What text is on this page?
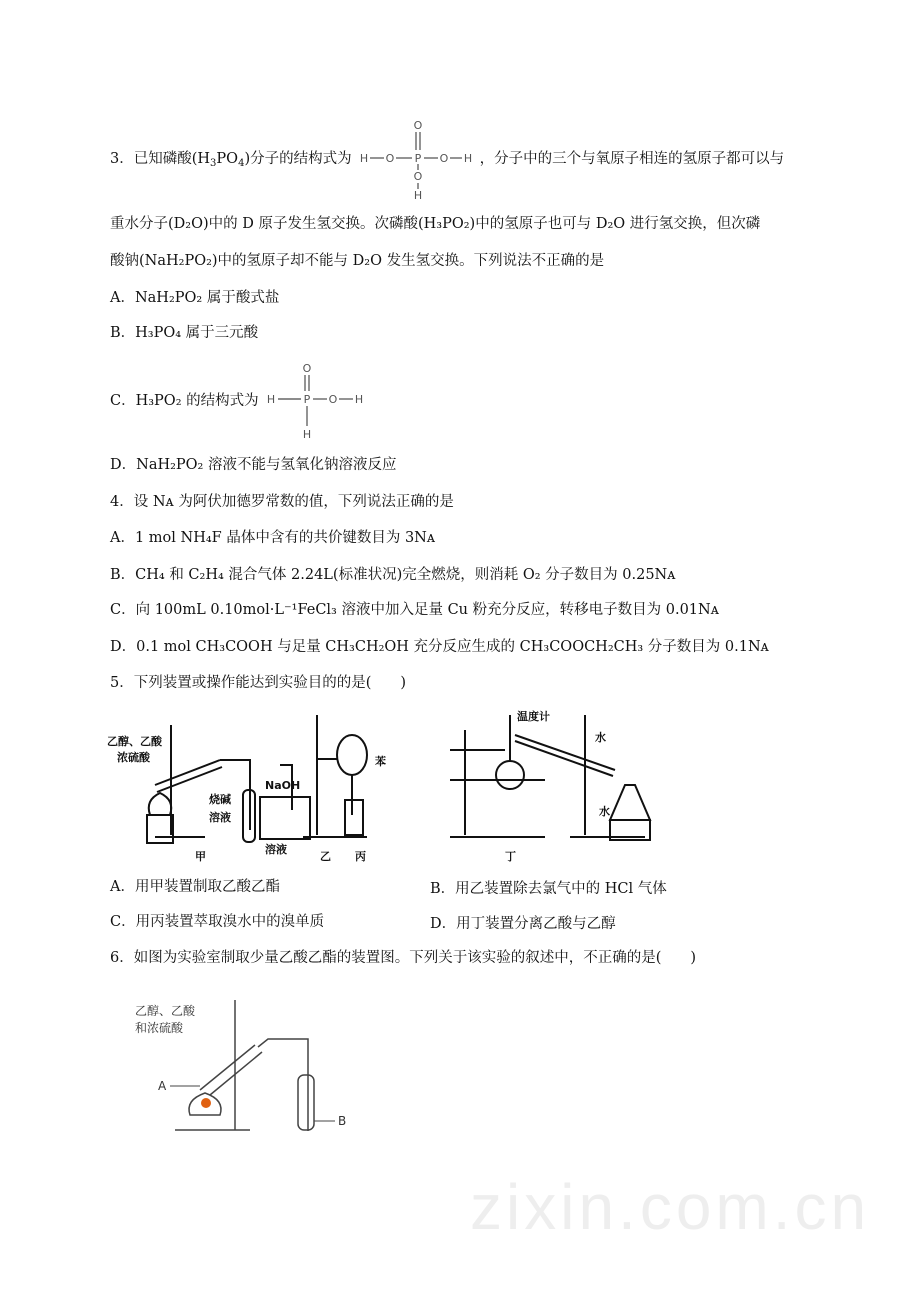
zixin.com.cn
3．已知磷酸$(H_3PO_4)$分子的结构式为
O
H O P O H
O
H
，分子中的三个与氧原子相连的氢原子都可以与
重水分子(D₂O)中的 D 原子发生氢交换。次磷酸(H₃PO₂)中的氢原子也可与 D₂O 进行氢交换，但次磷
酸钠(NaH₂PO₂)中的氢原子却不能与 D₂O 发生氢交换。下列说法不正确的是
A．NaH₂PO₂ 属于酸式盐
B．H₃PO₄ 属于三元酸
C．H₃PO₂ 的结构式为
O
H	P O H
H
D．NaH₂PO₂ 溶液不能与氢氧化钠溶液反应
4．设 Nᴀ 为阿伏加德罗常数的值，下列说法正确的是
A．1 mol NH₄F 晶体中含有的共价键数目为 3Nᴀ
B．CH₄ 和 C₂H₄ 混合气体 2.24L(标准状况)完全燃烧，则消耗 O₂ 分子数目为 0.25Nᴀ
C．向 100mL 0.10mol·L⁻¹FeCl₃ 溶液中加入足量 Cu 粉充分反应，转移电子数目为 0.01Nᴀ
D．0.1 mol CH₃COOH 与足量 CH₃CH₂OH 充分反应生成的 CH₃COOCH₂CH₃ 分子数目为 0.1Nᴀ
5．下列装置或操作能达到实验目的的是(　　)
乙醇、乙酸
浓硫酸
烧碱
溶液
NaOH
溶液
苯
温度计
水
水
甲	乙 丙	丁
A．用甲装置制取乙酸乙酯	B．用乙装置除去氯气中的 HCl 气体
C．用丙装置萃取溴水中的溴单质	D．用丁装置分离乙酸与乙醇
6．如图为实验室制取少量乙酸乙酯的装置图。下列关于该实验的叙述中，不正确的是(　　)
乙醇、乙酸
和浓硫酸
A
B
